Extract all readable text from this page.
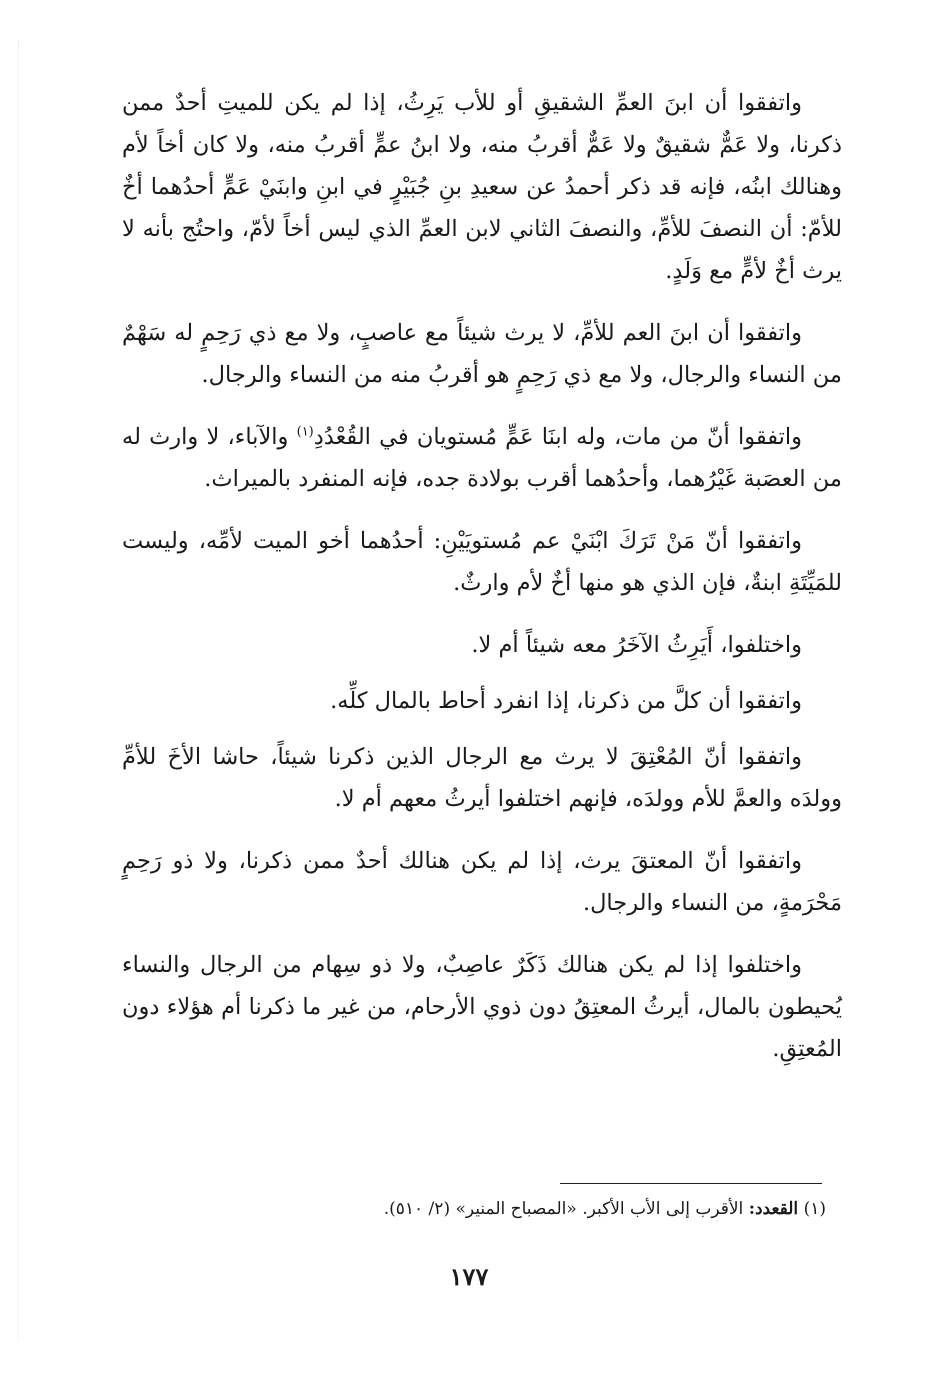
واتفقوا أن ابنَ العمِّ الشقيقِ أو للأب يَرِثُ، إذا لم يكن للميتِ أحدٌ ممن ذكرنا، ولا عَمٌّ شقيقٌ ولا عَمٌّ أقربُ منه، ولا ابنُ عمٍّ أقربُ منه، ولا كان أخاً لأم وهنالك ابنُه، فإنه قد ذكر أحمدُ عن سعيدِ بنِ جُبَيْرٍ في ابنِ وابنَيْ عَمٍّ أحدُهما أخٌ للأمّ: أن النصفَ للأمِّ، والنصفَ الثاني لابن العمِّ الذي ليس أخاً لأمّ، واحتُج بأنه لا يرث أخٌ لأمٍّ مع وَلَدٍ.

واتفقوا أن ابنَ العم للأمِّ، لا يرث شيئاً مع عاصبٍ، ولا مع ذي رَحِمٍ له سَهْمٌ من النساء والرجال، ولا مع ذي رَحِمٍ هو أقربُ منه من النساء والرجال.

واتفقوا أنّ من مات، وله ابنَا عَمٍّ مُستويان في القُعْدُدِ$^{(١)}$ والآباء، لا وارث له من العصَبة غَيْرُهما، وأحدُهما أقرب بولادة جده، فإنه المنفرد بالميراث.

واتفقوا أنّ مَنْ تَرَكَ ابْنَيْ عم مُستويَيْنِ: أحدُهما أخو الميت لأمِّه، وليست للمَيِّتَةِ ابنةٌ، فإن الذي هو منها أخٌ لأم وارثٌ.

واختلفوا، أَيَرِثُ الآخَرُ معه شيئاً أم لا.

واتفقوا أن كلَّ من ذكرنا، إذا انفرد أحاط بالمال كلِّه.

واتفقوا أنّ المُعْتِقَ لا يرث مع الرجال الذين ذكرنا شيئاً، حاشا الأخَ للأمِّ وولدَه والعمَّ للأم وولدَه، فإنهم اختلفوا أيرثُ معهم أم لا.

واتفقوا أنّ المعتقَ يرث، إذا لم يكن هنالك أحدٌ ممن ذكرنا، ولا ذو رَحِمٍ مَحْرَمةٍ، من النساء والرجال.

واختلفوا إذا لم يكن هنالك ذَكَرٌ عاصِبٌ، ولا ذو سِهام من الرجال والنساء يُحيطون بالمال، أيرثُ المعتِقُ دون ذوي الأرحام، من غير ما ذكرنا أم هؤلاء دون المُعتِقِ.

(١) القعدد: الأقرب إلى الأب الأكبر. «المصباح المنير» (٢/ ٥١٠).
١٧٧
